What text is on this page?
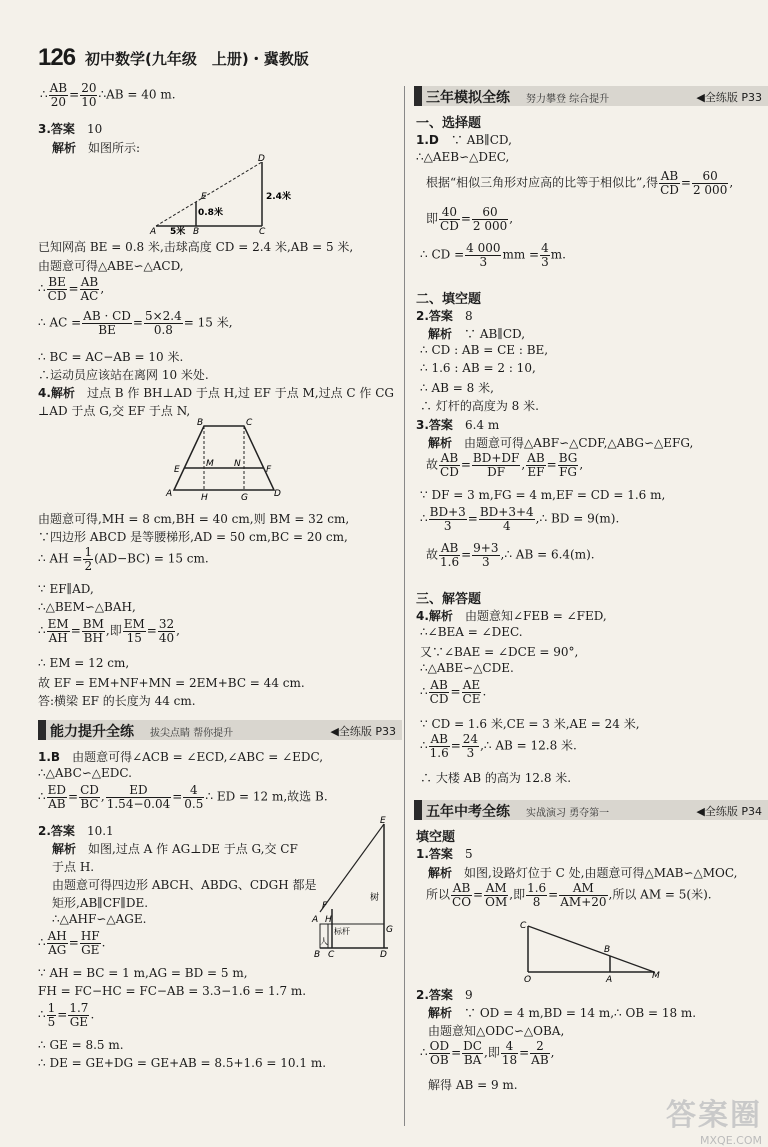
126 初中数学(九年级　上册)・冀教版
∴ $\frac{AB}{20} = \frac{20}{10}$ ∴AB = 40 m.
3.答案　 10
解析　 如图所示:
D
E
A	B	C
2.4米
0.8米
5米
已知网高 BE = 0.8 米,击球高度 CD = 2.4 米,AB = 5 米,
由题意可得△ABE∽△ACD,
∴ $\frac{BE}{CD} = \frac{AB}{AC}$ ,
∴ AC = $\frac{AB \cdot CD}{BE} = \frac{5\times 2.4}{0.8} = 15$ 米,
∴ BC = AC−AB = 10 米.
∴运动员应该站在离网 10 米处.
4.解析　 过点 B 作 BH⊥AD 于点 H,过 EF 于点 M,过点 C 作 CG
⊥AD 于点 G,交 EF 于点 N,
B	C
E
M N
F
A	H	G	D
由题意可得,MH = 8 cm,BH = 40 cm,则 BM = 32 cm,
∵四边形 ABCD 是等腰梯形,AD = 50 cm,BC = 20 cm,
∴ AH = $\frac{1}{2} (AD-BC) = 15$ cm.
∵ EF∥AD,
∴△BEM∽△BAH,
∴ $\frac{EM}{AH} = \frac{BM}{BH}$ ,即 $\frac{EM}{15} = \frac{32}{40}$ ,
∴ EM = 12 cm,
故 EF = EM+NF+MN = 2EM+BC = 44 cm.
答:横梁 EF 的长度为 44 cm.
能力提升全练 拔尖点睛 帮你提升	◀全练版 P33
1.B　 由题意可得∠ACB = ∠ECD,∠ABC = ∠EDC,
∴△ABC∽△EDC.
∴ $\frac{ED}{AB} = \frac{CD}{BC}$ , $\frac{ED}{1.54-0.04} = \frac{4}{0.5}$ ∴ ED = 12 m,故选 B.
2.答案　 10.1
解析　 如图,过点 A 作 AG⊥DE 于点 G,交 CF
于点 H.
由题意可得四边形 ABCH、ABDG、CDGH 都是
矩形,AB∥CF∥DE.
∴△AHF∽△AGE.
E
F
A H
G
B C	D
树
标杆
人
∴ $\frac{AH}{AG} = \frac{HF}{GE}$ .
∵ AH = BC = 1 m,AG = BD = 5 m,
FH = FC−HC = FC−AB = 3.3−1.6 = 1.7 m.
∴ $\frac{1}{5} = \frac{1.7}{GE}$ .
∴ GE = 8.5 m.
∴ DE = GE+DG = GE+AB = 8.5+1.6 = 10.1 m.
三年模拟全练 努力攀登 综合提升	◀全练版 P33
一、选择题
1.D　 ∵ AB∥CD,
∴△AEB∽△DEC,
根据“相似三角形对应高的比等于相似比”,得 $\frac{AB}{CD} = \frac{60}{2 000}$ ,
即 $\frac{40}{CD} = \frac{60}{2 000}$ ,
∴ CD = $\frac{4 000}{3}$ mm = $\frac{4}{3} m$.
二、填空题
2.答案　 8
解析　 ∵ AB∥CD,
∴ CD : AB = CE : BE,
∴ 1.6 : AB = 2 : 10,
∴ AB = 8 米,
∴ 灯杆的高度为 8 米.
3.答案　 6.4 m
解析　 由题意可得△ABF∽△CDF,△ABG∽△EFG,
故 $\frac{AB}{CD} = \frac{BD+DF}{DF}$ , $\frac{AB}{EF} = \frac{BG}{FG}$ ,
∵ DF = 3 m,FG = 4 m,EF = CD = 1.6 m,
∴ $\frac{BD+3}{3} = \frac{BD+3+4}{4}$ ,∴ BD = 9(m).
故 $\frac{AB}{1.6} = \frac{9+3}{3}$ ,∴ AB = 6.4(m).
三、解答题
4.解析　 由题意知∠FEB = ∠FED,
∴∠BEA = ∠DEC.
又∵∠BAE = ∠DCE = 90°,
∴△ABE∽△CDE.
∴ $\frac{AB}{CD} = \frac{AE}{CE}$ .
∵ CD = 1.6 米,CE = 3 米,AE = 24 米,
∴ $\frac{AB}{1.6} = \frac{24}{3}$ ,∴ AB = 12.8 米.
∴ 大楼 AB 的高为 12.8 米.
五年中考全练 实战演习 勇夺第一	◀全练版 P34
填空题
1.答案　 5
解析　 如图,设路灯位于 C 处,由题意可得△MAB∽△MOC,
所以 $\frac{AB}{CO} = \frac{AM}{OM}$ ,即 $\frac{1.6}{8} = \frac{AM}{AM+20}$ ,所以 AM = 5(米).
C
B
O	A	M
2.答案　 9
解析　 ∵ OD = 4 m,BD = 14 m,∴ OB = 18 m.
由题意知△ODC∽△OBA,
∴ $\frac{OD}{OB} = \frac{DC}{BA}$ ,即 $\frac{4}{18} = \frac{2}{AB}$ ,
解得 AB = 9 m.
答案圈
MXQE.COM
